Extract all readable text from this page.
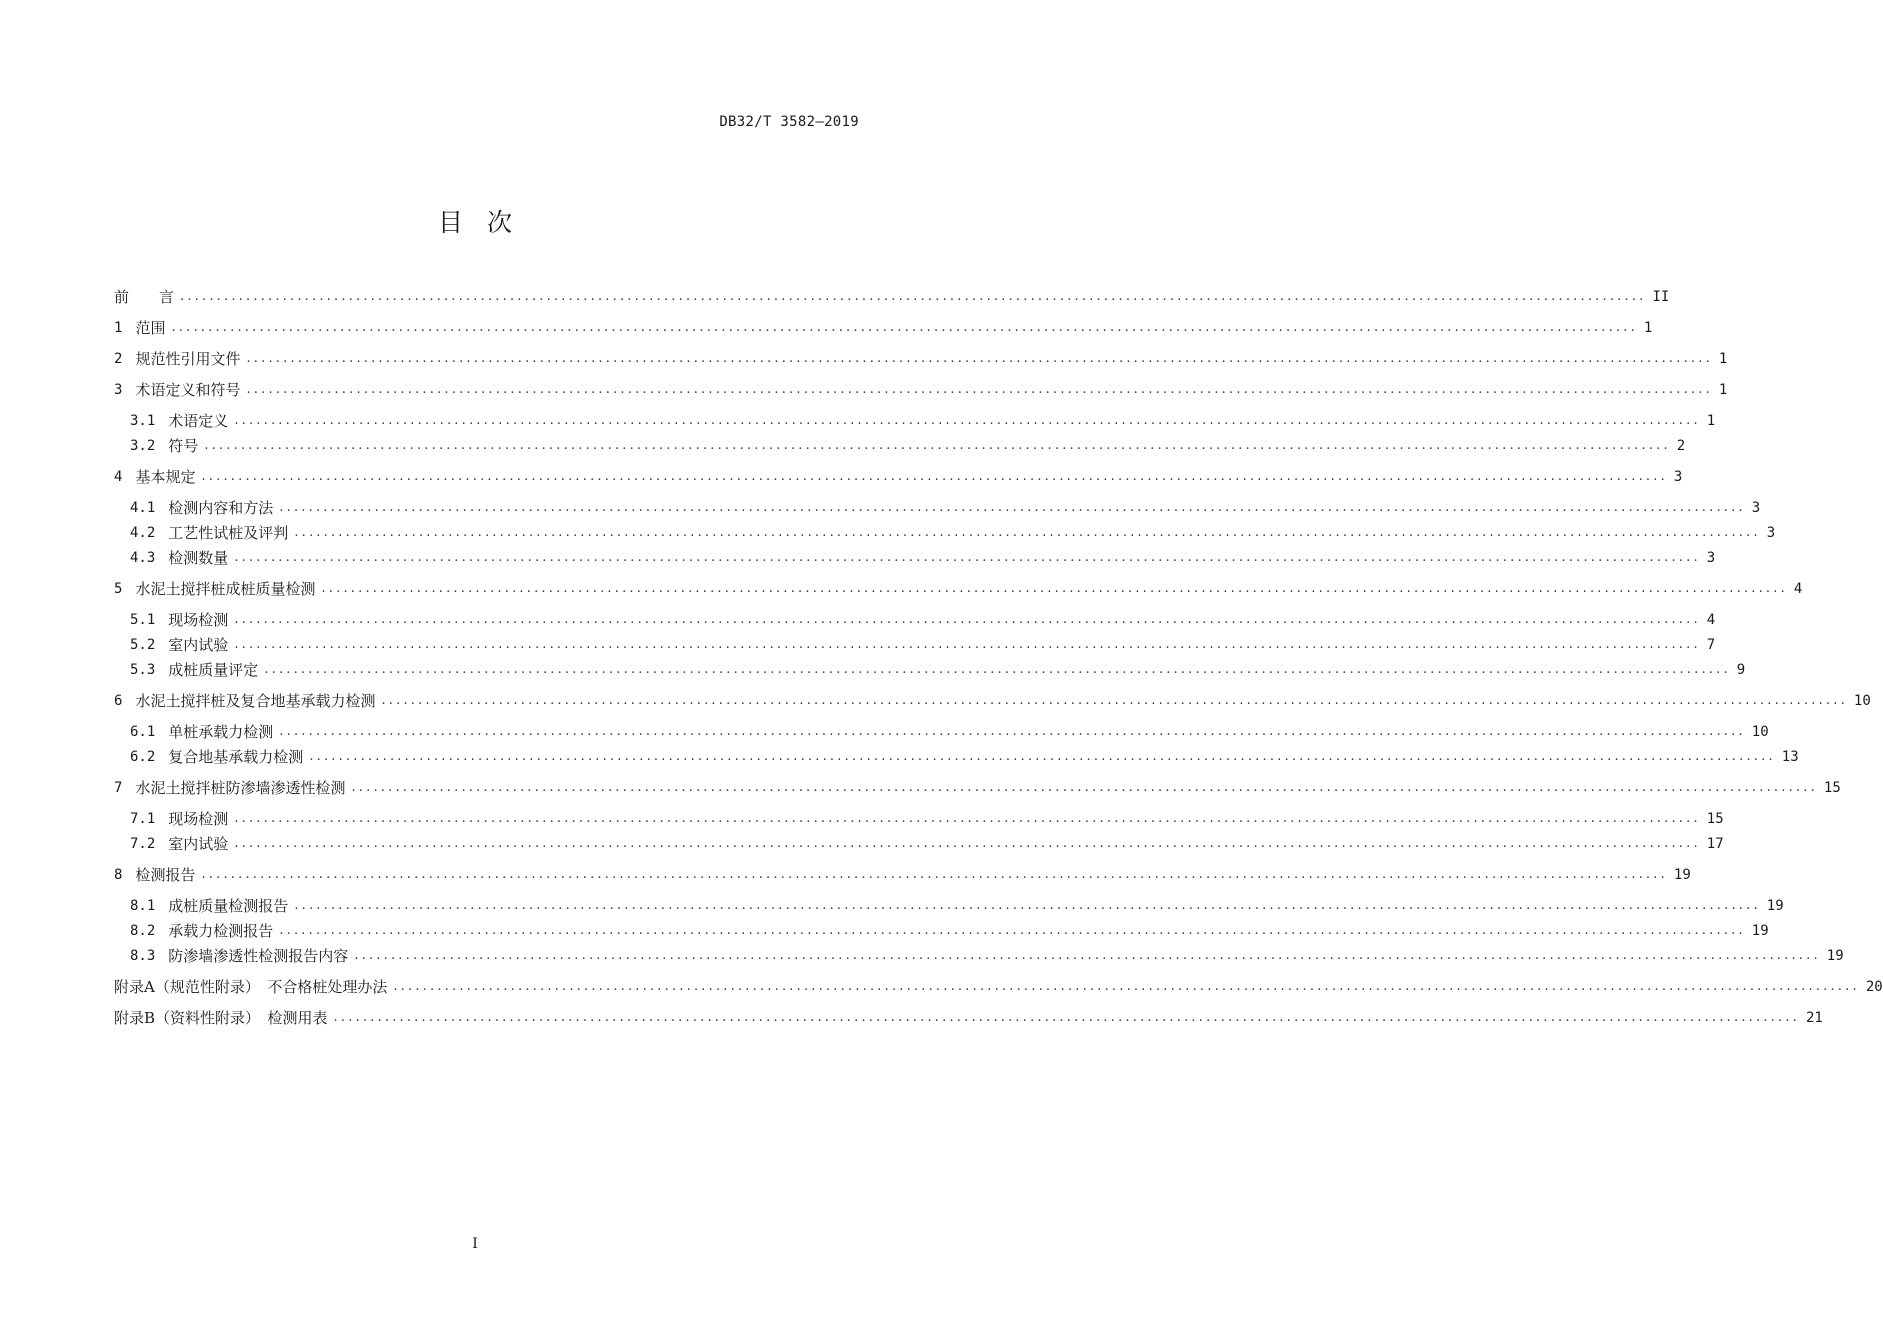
DB32/T 3582—2019
目 次
前　　言 ........................................................................................................................................................................................................ II
1 范围 ........................................................................................................................................................................................................ 1
2 规范性引用文件 ........................................................................................................................................................................................................ 1
3 术语定义和符号 ........................................................................................................................................................................................................ 1
3.1 术语定义 ........................................................................................................................................................................................................ 1
3.2 符号 ........................................................................................................................................................................................................ 2
4 基本规定 ........................................................................................................................................................................................................ 3
4.1 检测内容和方法 ........................................................................................................................................................................................................ 3
4.2 工艺性试桩及评判 ........................................................................................................................................................................................................ 3
4.3 检测数量 ........................................................................................................................................................................................................ 3
5 水泥土搅拌桩成桩质量检测 ........................................................................................................................................................................................................ 4
5.1 现场检测 ........................................................................................................................................................................................................ 4
5.2 室内试验 ........................................................................................................................................................................................................ 7
5.3 成桩质量评定 ........................................................................................................................................................................................................ 9
6 水泥土搅拌桩及复合地基承载力检测 ........................................................................................................................................................................................................ 10
6.1 单桩承载力检测 ........................................................................................................................................................................................................ 10
6.2 复合地基承载力检测 ........................................................................................................................................................................................................ 13
7 水泥土搅拌桩防渗墙渗透性检测 ........................................................................................................................................................................................................ 15
7.1 现场检测 ........................................................................................................................................................................................................ 15
7.2 室内试验 ........................................................................................................................................................................................................ 17
8 检测报告 ........................................................................................................................................................................................................ 19
8.1 成桩质量检测报告 ........................................................................................................................................................................................................ 19
8.2 承载力检测报告 ........................................................................................................................................................................................................ 19
8.3 防渗墙渗透性检测报告内容 ........................................................................................................................................................................................................ 19
附录A（规范性附录）　不合格桩处理办法 ........................................................................................................................................................................................................ 20
附录B（资料性附录）　检测用表 ........................................................................................................................................................................................................ 21
I
